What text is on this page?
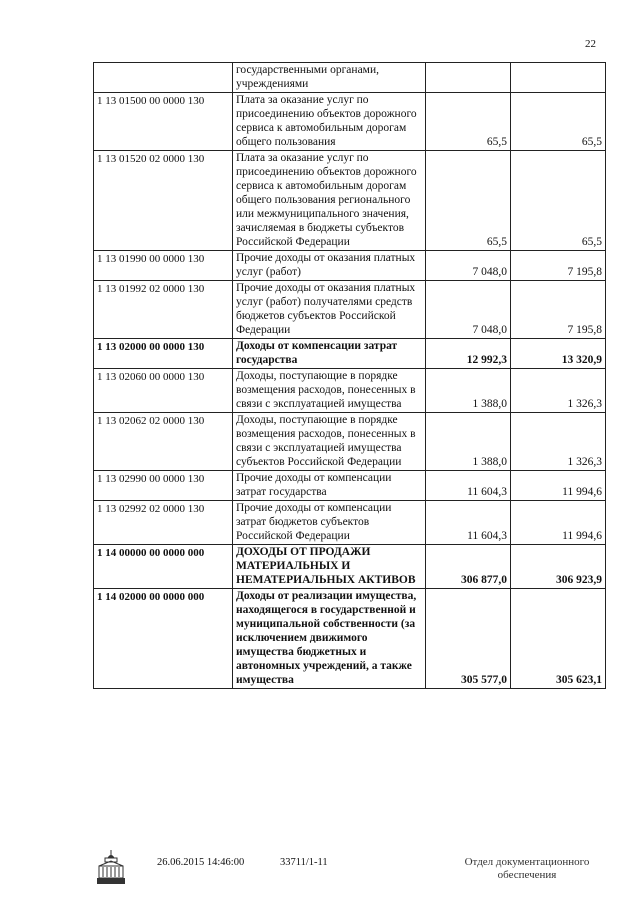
22
	государственными органами, учреждениями		
1 13 01500 00 0000 130	Плата за оказание услуг по присоединению объектов дорожного сервиса к автомобильным дорогам общего пользования	65,5	65,5
1 13 01520 02 0000 130	Плата за оказание услуг по присоединению объектов дорожного сервиса к автомобильным дорогам общего пользования регионального или межмуниципального значения, зачисляемая в бюджеты субъектов Российской Федерации	65,5	65,5
1 13 01990 00 0000 130	Прочие доходы от оказания платных услуг (работ)	7 048,0	7 195,8
1 13 01992 02 0000 130	Прочие доходы от оказания платных услуг (работ) получателями средств бюджетов субъектов Российской Федерации	7 048,0	7 195,8
1 13 02000 00 0000 130	Доходы от компенсации затрат государства	12 992,3	13 320,9
1 13 02060 00 0000 130	Доходы, поступающие в порядке возмещения расходов, понесенных в связи с эксплуатацией имущества	1 388,0	1 326,3
1 13 02062 02 0000 130	Доходы, поступающие в порядке возмещения расходов, понесенных в связи с эксплуатацией имущества субъектов Российской Федерации	1 388,0	1 326,3
1 13 02990 00 0000 130	Прочие доходы от компенсации затрат государства	11 604,3	11 994,6
1 13 02992 02 0000 130	Прочие доходы от компенсации затрат бюджетов субъектов Российской Федерации	11 604,3	11 994,6
1 14 00000 00 0000 000	ДОХОДЫ ОТ ПРОДАЖИ МАТЕРИАЛЬНЫХ И НЕМАТЕРИАЛЬНЫХ АКТИВОВ	306 877,0	306 923,9
1 14 02000 00 0000 000	Доходы от реализации имущества, находящегося в государственной и муниципальной собственности (за исключением движимого имущества бюджетных и автономных учреждений, а также имущества	305 577,0	305 623,1
26.06.2015 14:46:00	33711/1-11	Отдел документационного обеспечения
